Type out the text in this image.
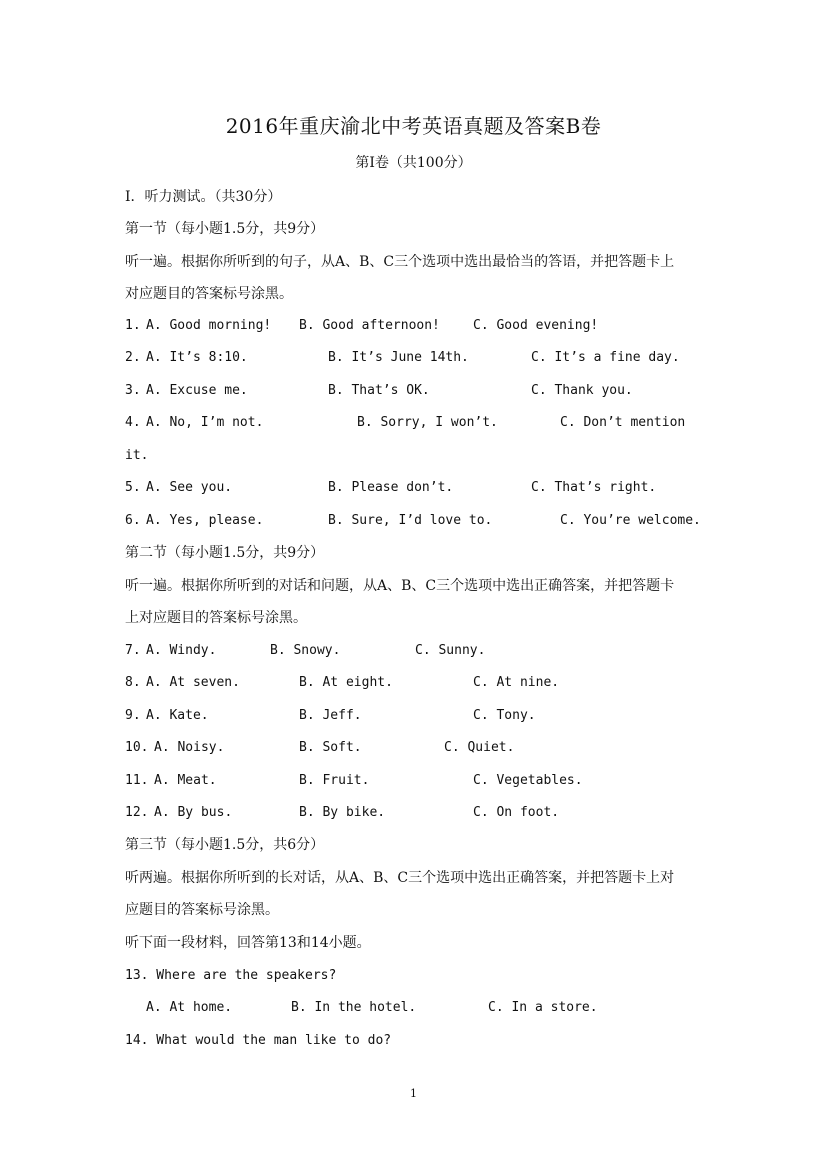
2016年重庆渝北中考英语真题及答案B卷
第I卷（共100分）
I．听力测试。（共30分）
第一节（每小题1.5分，共9分）
听一遍。根据你所听到的句子，从A、B、C三个选项中选出最恰当的答语，并把答题卡上
对应题目的答案标号涂黑。
1. A. Good morning! B. Good afternoon!	C. Good evening!
2. A. It’s 8:10.	B. It’s June 14th.	C. It’s a fine day.
3. A. Excuse me.	B. That’s OK.	C. Thank you.
4. A. No, I’m not.	B. Sorry, I won’t.	C. Don’t mention
it.
5. A. See you.	B. Please don’t.	C. That’s right.
6. A. Yes, please.	B. Sure, I’d love to.	C. You’re welcome.
第二节（每小题1.5分，共9分）
听一遍。根据你所听到的对话和问题，从A、B、C三个选项中选出正确答案，并把答题卡
上对应题目的答案标号涂黑。
7. A. Windy.	B. Snowy.	C. Sunny.
8. A. At seven.	B. At eight.	C. At nine.
9. A. Kate.	B. Jeff.	C. Tony.
10. A. Noisy.	B. Soft.	C. Quiet.
11. A. Meat.	B. Fruit.	C. Vegetables.
12. A. By bus.	B. By bike.	C. On foot.
第三节（每小题1.5分，共6分）
听两遍。根据你所听到的长对话，从A、B、C三个选项中选出正确答案，并把答题卡上对
应题目的答案标号涂黑。
听下面一段材料，回答第13和14小题。
13. Where are the speakers?
A. At home.	B. In the hotel.	C. In a store.
14. What would the man like to do?
1
